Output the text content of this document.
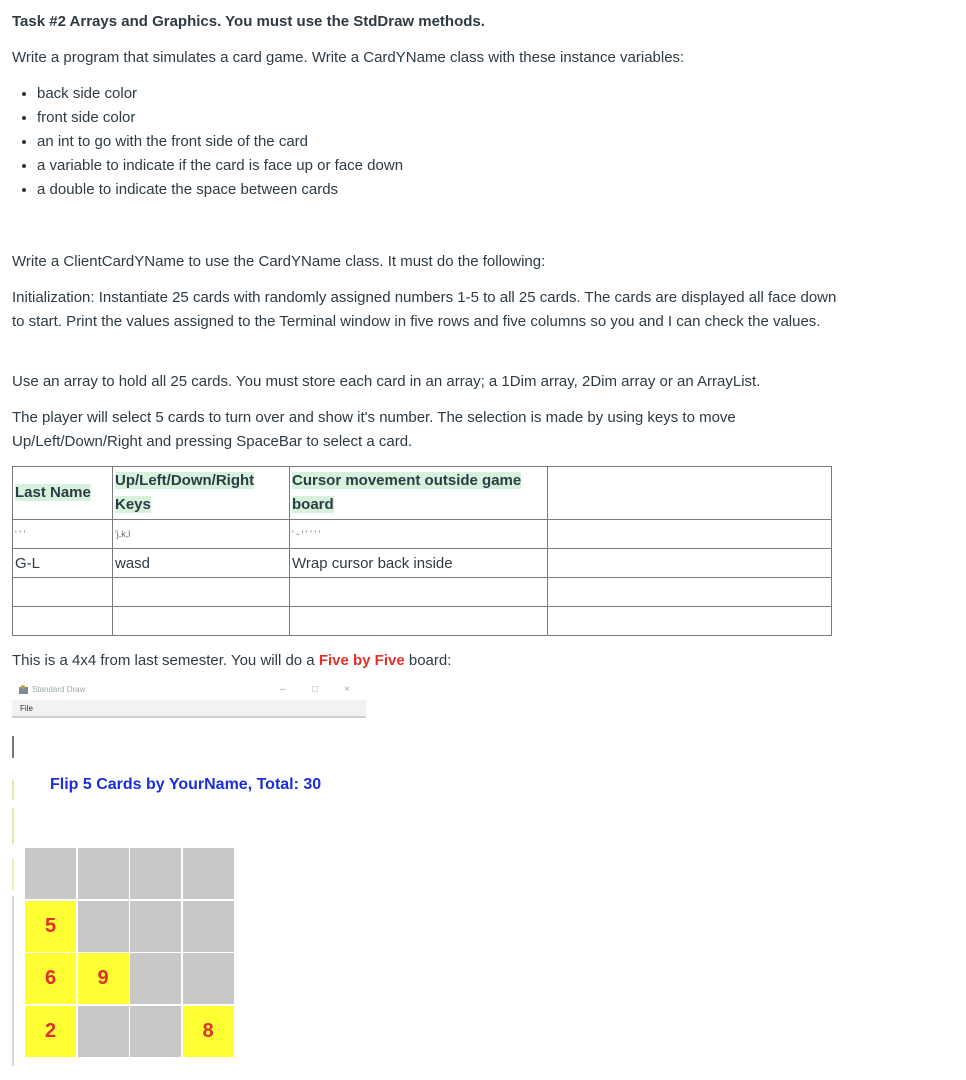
Task #2 Arrays and Graphics. You must use the StdDraw methods.

Write a program that simulates a card game. Write a CardYName class with these instance variables:

• back side color
• front side color
• an int to go with the front side of the card
• a variable to indicate if the card is face up or face down
• a double to indicate the space between cards

Write a ClientCardYName to use the CardYName class. It must do the following:

Initialization: Instantiate 25 cards with randomly assigned numbers 1-5 to all 25 cards. The cards are displayed all face down to start. Print the values assigned to the Terminal window in five rows and five columns so you and I can check the values.

Use an array to hold all 25 cards. You must store each card in an array; a 1Dim array, 2Dim array or an ArrayList.

The player will select 5 cards to turn over and show it's number. The selection is made by using keys to move Up/Left/Down/Right and pressing SpaceBar to select a card.

Last Name	Up/Left/Down/Right Keys	Cursor movement outside game board	
' ' '	'j,k,l	' - ' ' ' ' '	
G-L	wasd	Wrap cursor back inside	

This is a 4x4 from last semester. You will do a Five by Five board:

Standard Draw	–	□	×
File
Flip 5 Cards by YourName, Total: 30
5
6	9
2	8
